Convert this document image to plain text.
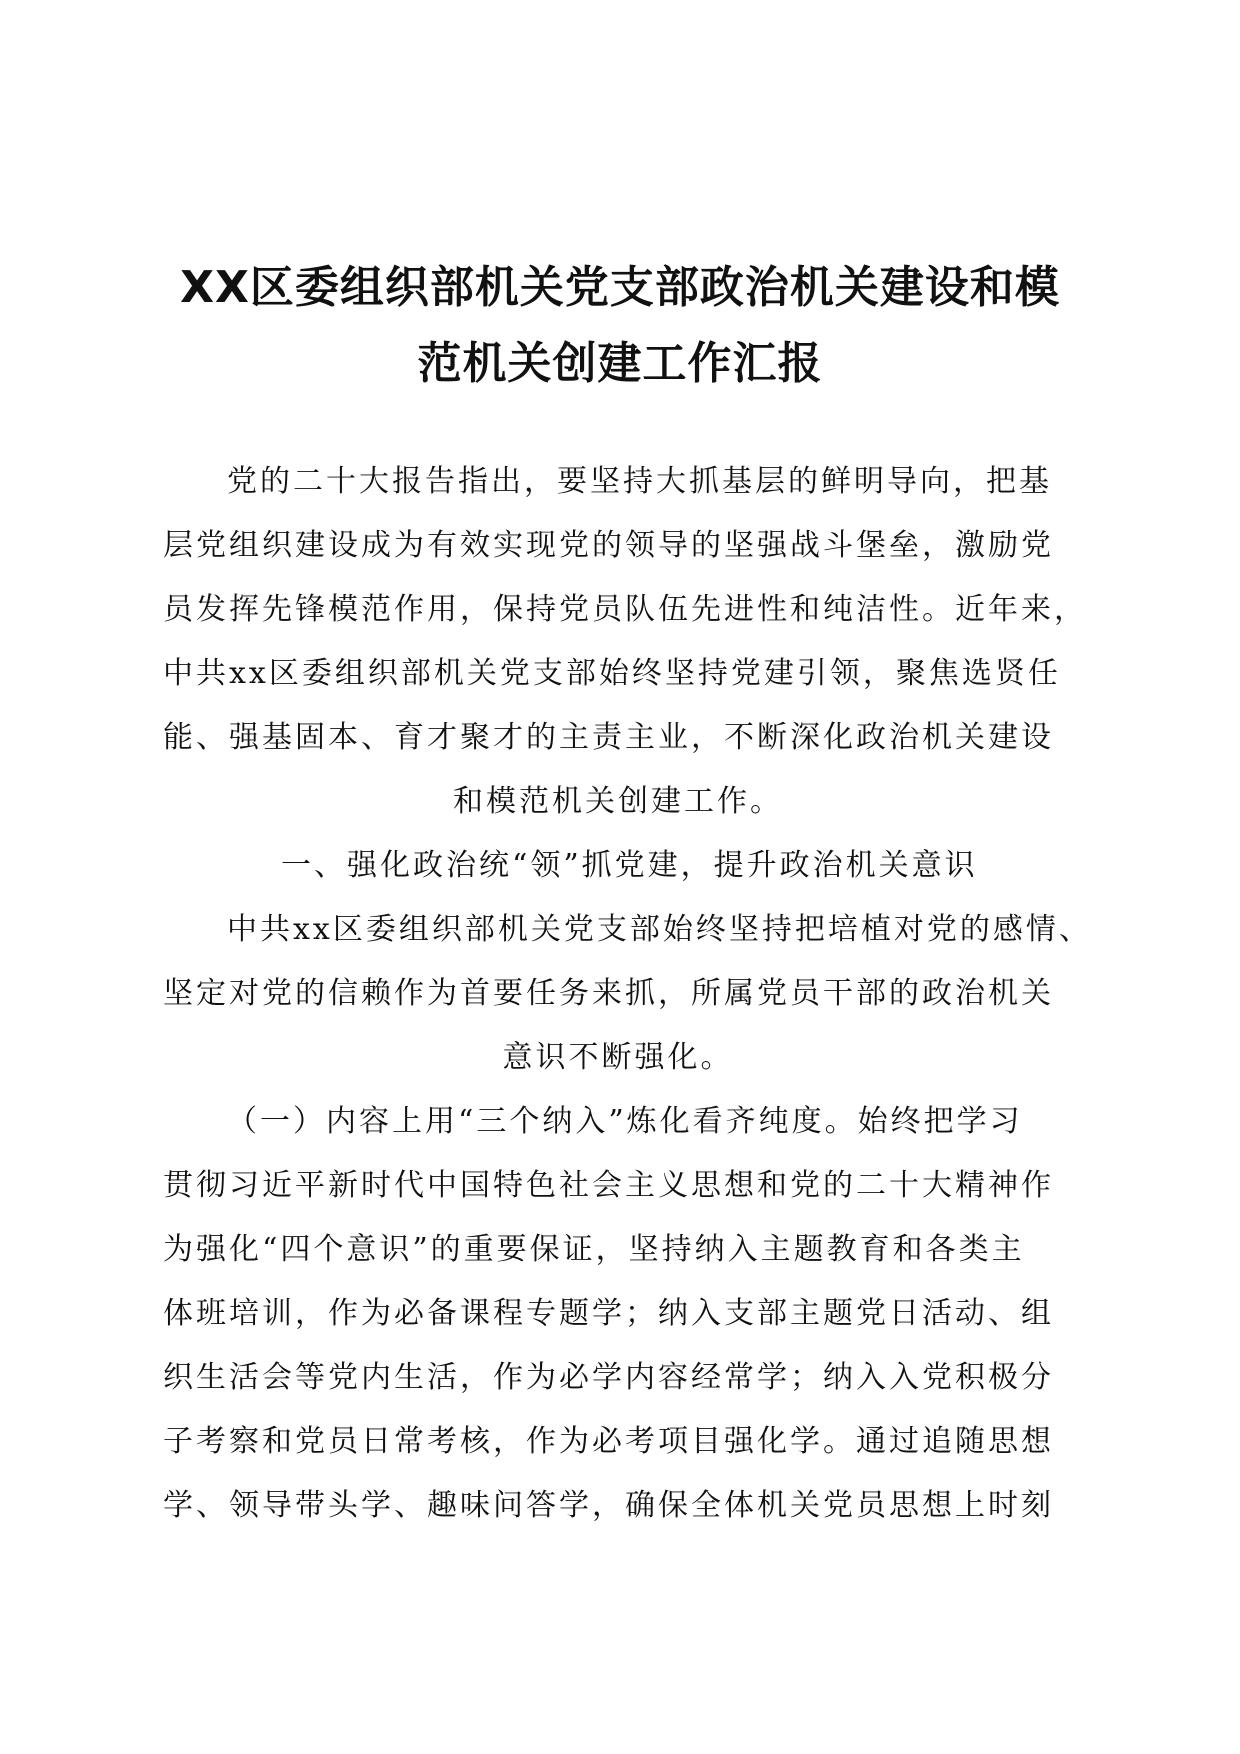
XX区委组织部机关党支部政治机关建设和模
范机关创建工作汇报
党的二十大报告指出，要坚持大抓基层的鲜明导向，把基
层党组织建设成为有效实现党的领导的坚强战斗堡垒，激励党
员发挥先锋模范作用，保持党员队伍先进性和纯洁性。近年来，
中共xx区委组织部机关党支部始终坚持党建引领，聚焦选贤任
能、强基固本、育才聚才的主责主业，不断深化政治机关建设
和模范机关创建工作。
一、强化政治统“领”抓党建，提升政治机关意识
中共xx区委组织部机关党支部始终坚持把培植对党的感情、
坚定对党的信赖作为首要任务来抓，所属党员干部的政治机关
意识不断强化。
（一）内容上用“三个纳入”炼化看齐纯度。始终把学习
贯彻习近平新时代中国特色社会主义思想和党的二十大精神作
为强化“四个意识”的重要保证，坚持纳入主题教育和各类主
体班培训，作为必备课程专题学；纳入支部主题党日活动、组
织生活会等党内生活，作为必学内容经常学；纳入入党积极分
子考察和党员日常考核，作为必考项目强化学。通过追随思想
学、领导带头学、趣味问答学，确保全体机关党员思想上时刻
